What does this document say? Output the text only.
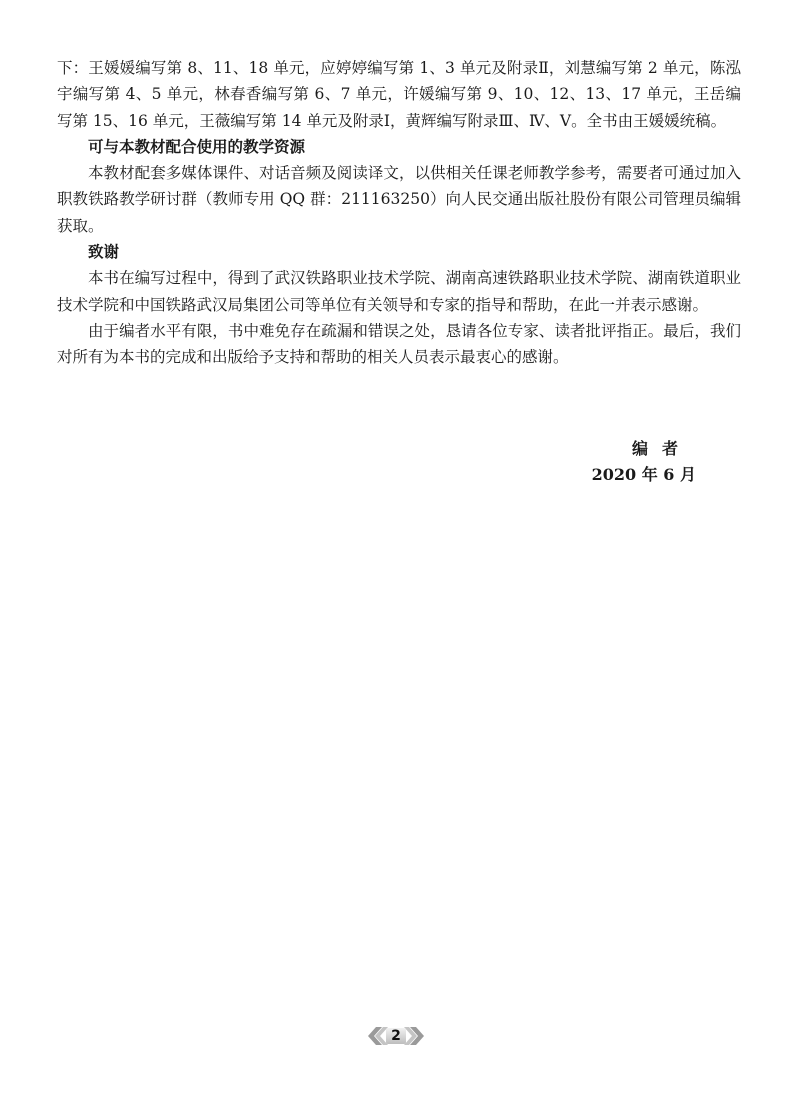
下：王媛媛编写第 8、11、18 单元，应婷婷编写第 1、3 单元及附录Ⅱ，刘慧编写第 2 单元，陈泓宇编写第 4、5 单元，林春香编写第 6、7 单元，许媛编写第 9、10、12、13、17 单元，王岳编写第 15、16 单元，王薇编写第 14 单元及附录Ⅰ，黄辉编写附录Ⅲ、Ⅳ、Ⅴ。全书由王媛媛统稿。

可与本教材配合使用的教学资源

本教材配套多媒体课件、对话音频及阅读译文，以供相关任课老师教学参考，需要者可通过加入职教铁路教学研讨群（教师专用 QQ 群：211163250）向人民交通出版社股份有限公司管理员编辑获取。

致谢

本书在编写过程中，得到了武汉铁路职业技术学院、湖南高速铁路职业技术学院、湖南铁道职业技术学院和中国铁路武汉局集团公司等单位有关领导和专家的指导和帮助，在此一并表示感谢。

由于编者水平有限，书中难免存在疏漏和错误之处，恳请各位专家、读者批评指正。最后，我们对所有为本书的完成和出版给予支持和帮助的相关人员表示最衷心的感谢。

编者
2020 年 6 月
2
